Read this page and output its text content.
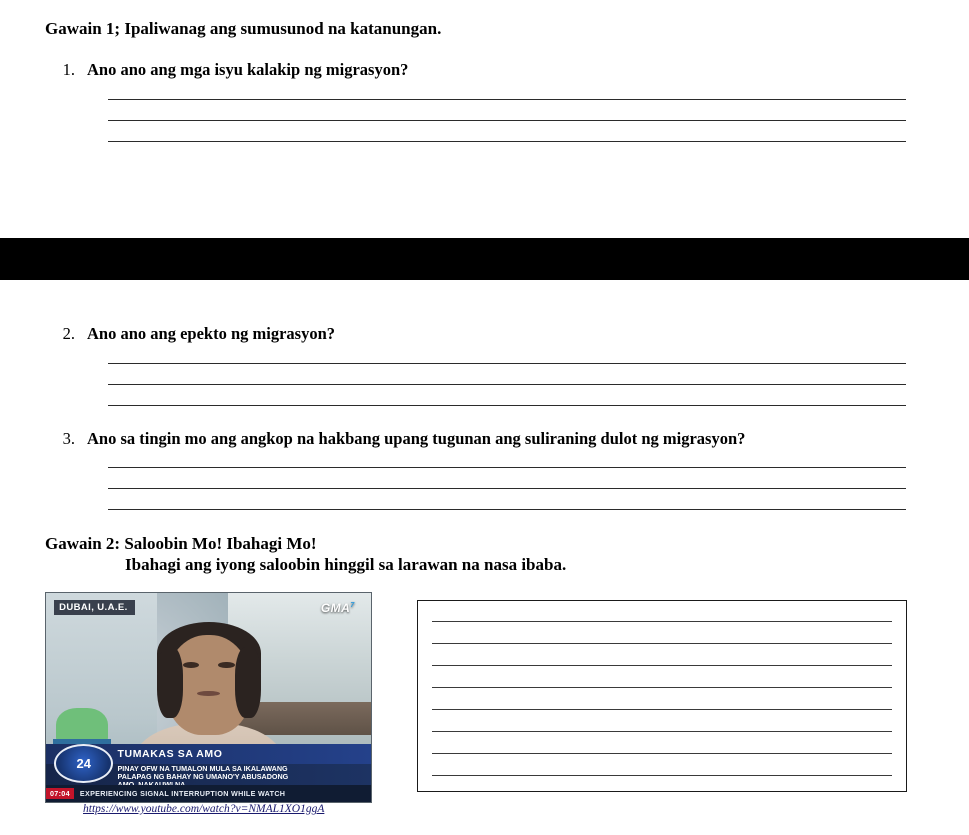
Gawain 1; Ipaliwanag ang sumusunod na katanungan.
1. Ano ano ang mga isyu kalakip ng migrasyon?
2. Ano ano ang epekto ng migrasyon?
3. Ano sa tingin mo ang angkop na hakbang upang tugunan ang suliraning dulot ng migrasyon?
Gawain 2: Saloobin Mo! Ibahagi Mo!
Ibahagi ang iyong saloobin hinggil sa larawan na nasa ibaba.
DUBAI, U.A.E.	GMA$^7$
TUMAKAS SA AMO
PINAY OFW NA TUMALON MULA SA IKALAWANG
PALAPAG NG BAHAY NG UMANO'Y ABUSADONG
07:04	EXPERIENCING SIGNAL INTERRUPTION WHILE WATCH
24
https://www.youtube.com/watch?v=NMAL1XO1ggA
